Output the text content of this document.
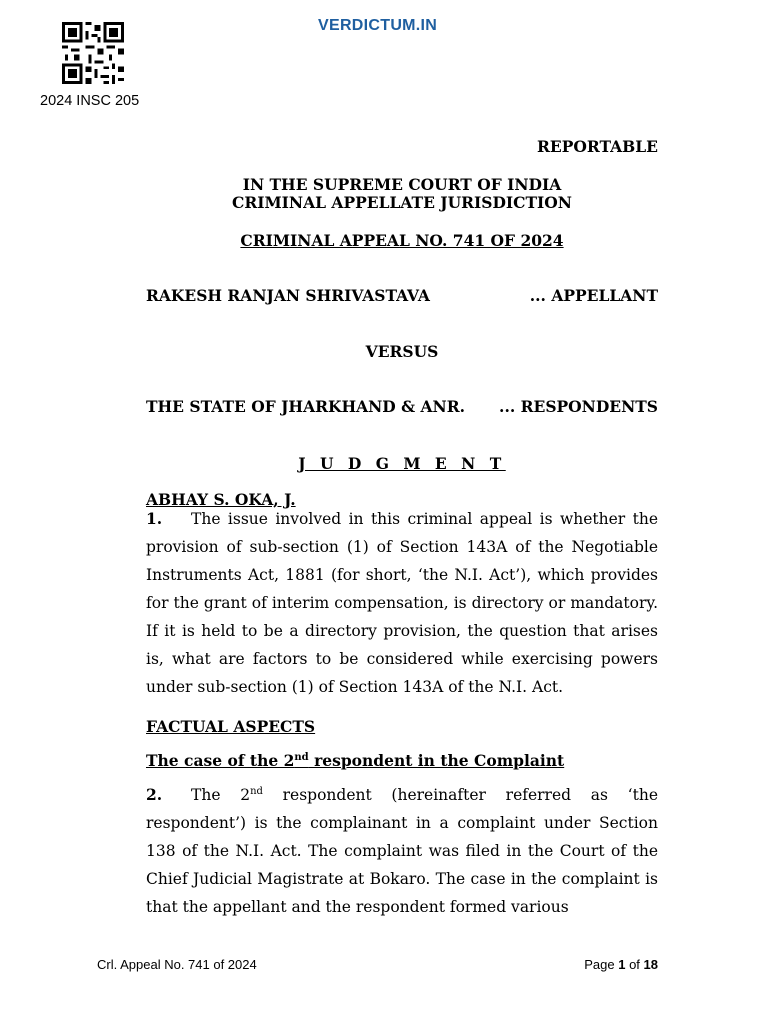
VERDICTUM.IN
2024 INSC 205
REPORTABLE
IN THE SUPREME COURT OF INDIA
CRIMINAL APPELLATE JURISDICTION
CRIMINAL APPEAL NO. 741 OF 2024
RAKESH RANJAN SHRIVASTAVA	... APPELLANT
VERSUS
THE STATE OF JHARKHAND & ANR. ... RESPONDENTS
J U D G M E N T
ABHAY S. OKA, J.
1. The issue involved in this criminal appeal is whether the provision of sub-section (1) of Section 143A of the Negotiable Instruments Act, 1881 (for short, ‘the N.I. Act’), which provides for the grant of interim compensation, is directory or mandatory. If it is held to be a directory provision, the question that arises is, what are factors to be considered while exercising powers under sub-section (1) of Section 143A of the N.I. Act.
FACTUAL ASPECTS
The case of the 2nd respondent in the Complaint
2. The 2nd respondent (hereinafter referred as ‘the respondent’) is the complainant in a complaint under Section 138 of the N.I. Act. The complaint was filed in the Court of the Chief Judicial Magistrate at Bokaro. The case in the complaint is that the appellant and the respondent formed various
Crl. Appeal No. 741 of 2024	Page 1 of 18
